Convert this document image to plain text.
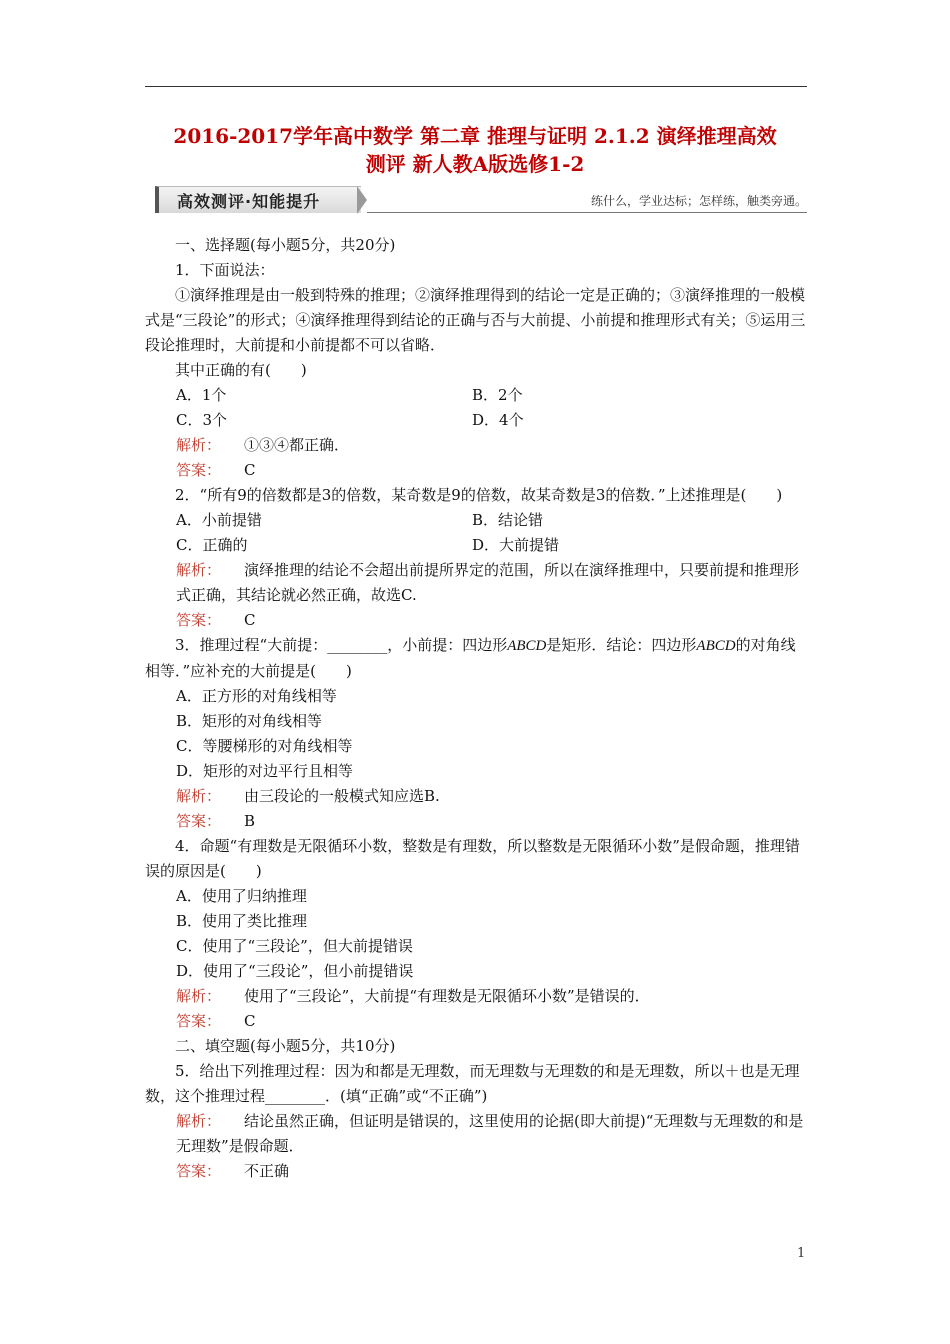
2016-2017学年高中数学 第二章 推理与证明 2.1.2 演绎推理高效
测评 新人教A版选修1-2
高效测评·知能提升	练什么，学业达标；怎样练，触类旁通。

一、选择题(每小题5分，共20分)

1．下面说法：

①演绎推理是由一般到特殊的推理；②演绎推理得到的结论一定是正确的；③演绎推理的一般模式是“三段论”的形式；④演绎推理得到结论的正确与否与大前提、小前提和推理形式有关；⑤运用三段论推理时，大前提和小前提都不可以省略．

其中正确的有(　　)

A．1个	B．2个
C．3个	D．4个

解析： ①③④都正确．

答案： C

2．“所有9的倍数都是3的倍数，某奇数是9的倍数，故某奇数是3的倍数．”上述推理是(　　)

A．小前提错	B．结论错
C．正确的	D．大前提错

解析： 演绎推理的结论不会超出前提所界定的范围，所以在演绎推理中，只要前提和推理形式正确，其结论就必然正确，故选C.

答案： C

3．推理过程“大前提：________，小前提：四边形ABCD是矩形．结论：四边形ABCD的对角线相等．”应补充的大前提是(　　)

A．正方形的对角线相等

B．矩形的对角线相等

C．等腰梯形的对角线相等

D．矩形的对边平行且相等

解析： 由三段论的一般模式知应选B.

答案： B

4．命题“有理数是无限循环小数，整数是有理数，所以整数是无限循环小数”是假命题，推理错误的原因是(　　)

A．使用了归纳推理

B．使用了类比推理

C．使用了“三段论”，但大前提错误

D．使用了“三段论”，但小前提错误

解析： 使用了“三段论”，大前提“有理数是无限循环小数”是错误的．

答案： C

二、填空题(每小题5分，共10分)

5．给出下列推理过程：因为和都是无理数，而无理数与无理数的和是无理数，所以＋也是无理数，这个推理过程________．(填“正确”或“不正确”)

解析： 结论虽然正确，但证明是错误的，这里使用的论据(即大前提)“无理数与无理数的和是无理数”是假命题．

答案： 不正确

1
